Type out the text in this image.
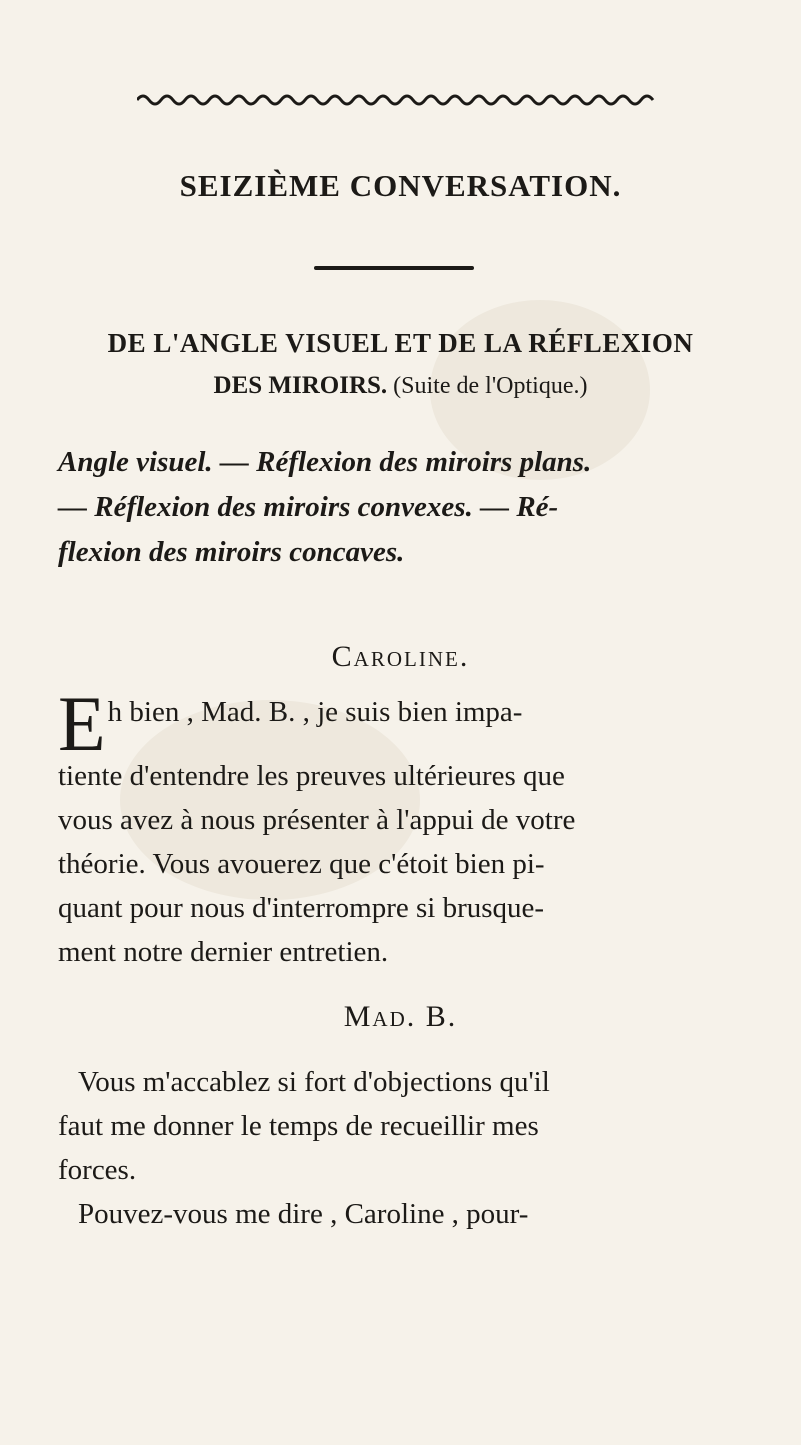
SEIZIÈME CONVERSATION.
DE L'ANGLE VISUEL ET DE LA RÉFLEXION
DES MIROIRS. (Suite de l'Optique.)
Angle visuel. — Réflexion des miroirs plans.
— Réflexion des miroirs convexes. — Ré-
flexion des miroirs concaves.
Caroline.
E h bien , Mad. B. , je suis bien impa-
tiente d'entendre les preuves ultérieures que
vous avez à nous présenter à l'appui de votre
théorie. Vous avouerez que c'étoit bien pi-
quant pour nous d'interrompre si brusque-
ment notre dernier entretien.
Mad. B.
Vous m'accablez si fort d'objections qu'il
faut me donner le temps de recueillir mes
forces.
Pouvez-vous me dire , Caroline , pour-
